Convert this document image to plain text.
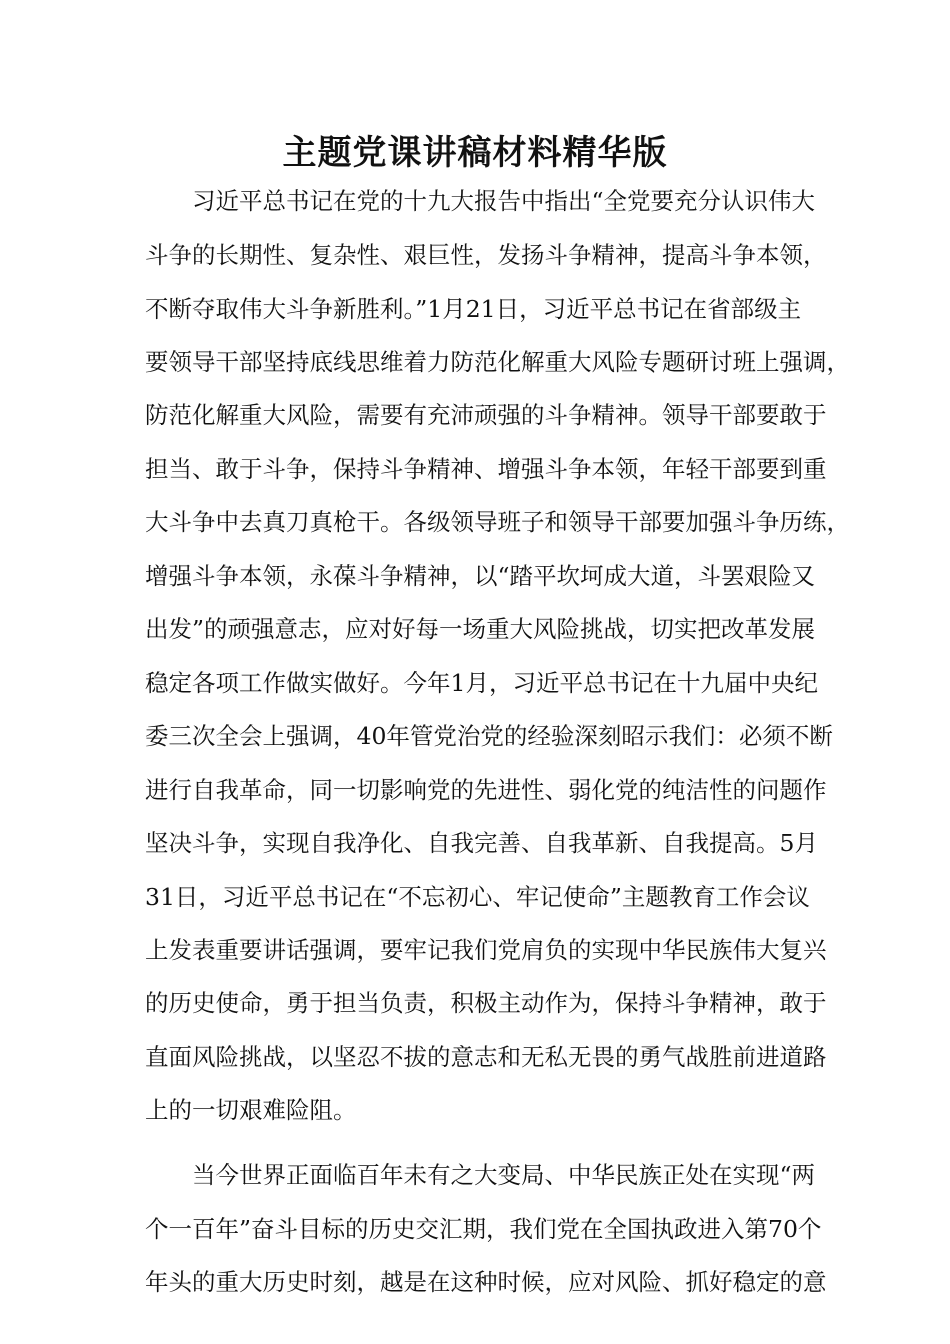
主题党课讲稿材料精华版

　　习近平总书记在党的十九大报告中指出“全党要充分认识伟大

斗争的长期性、复杂性、艰巨性，发扬斗争精神，提高斗争本领，

不断夺取伟大斗争新胜利。”1月21日，习近平总书记在省部级主

要领导干部坚持底线思维着力防范化解重大风险专题研讨班上强调，

防范化解重大风险，需要有充沛顽强的斗争精神。领导干部要敢于

担当、敢于斗争，保持斗争精神、增强斗争本领，年轻干部要到重

大斗争中去真刀真枪干。各级领导班子和领导干部要加强斗争历练，

增强斗争本领，永葆斗争精神，以“踏平坎坷成大道，斗罢艰险又

出发”的顽强意志，应对好每一场重大风险挑战，切实把改革发展

稳定各项工作做实做好。今年1月，习近平总书记在十九届中央纪

委三次全会上强调，40年管党治党的经验深刻昭示我们：必须不断

进行自我革命，同一切影响党的先进性、弱化党的纯洁性的问题作

坚决斗争，实现自我净化、自我完善、自我革新、自我提高。5月

31日，习近平总书记在“不忘初心、牢记使命”主题教育工作会议

上发表重要讲话强调，要牢记我们党肩负的实现中华民族伟大复兴

的历史使命，勇于担当负责，积极主动作为，保持斗争精神，敢于

直面风险挑战，以坚忍不拔的意志和无私无畏的勇气战胜前进道路

上的一切艰难险阻。

　　当今世界正面临百年未有之大变局、中华民族正处在实现“两

个一百年”奋斗目标的历史交汇期，我们党在全国执政进入第70个

年头的重大历史时刻，越是在这种时候，应对风险、抓好稳定的意
